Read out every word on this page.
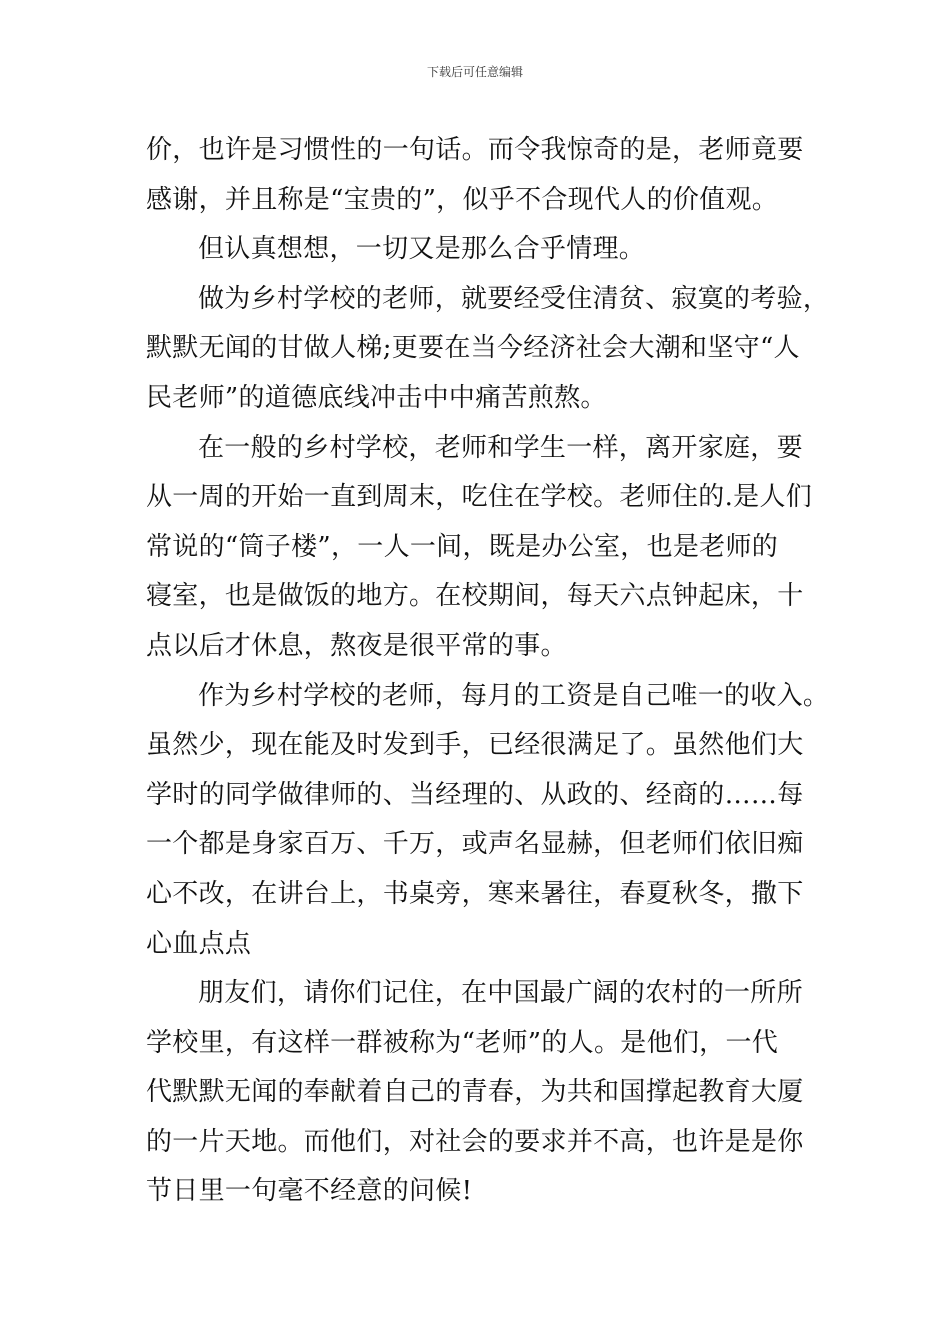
下载后可任意编辑
价，也许是习惯性的一句话。而令我惊奇的是，老师竟要
感谢，并且称是“宝贵的”，似乎不合现代人的价值观。
但认真想想，一切又是那么合乎情理。
做为乡村学校的老师，就要经受住清贫、寂寞的考验，
默默无闻的甘做人梯;更要在当今经济社会大潮和坚守“人
民老师”的道德底线冲击中中痛苦煎熬。
在一般的乡村学校，老师和学生一样，离开家庭，要
从一周的开始一直到周末，吃住在学校。老师住的.是人们
常说的“筒子楼”，一人一间，既是办公室，也是老师的
寝室，也是做饭的地方。在校期间，每天六点钟起床，十
点以后才休息，熬夜是很平常的事。
作为乡村学校的老师，每月的工资是自己唯一的收入。
虽然少，现在能及时发到手，已经很满足了。虽然他们大
学时的同学做律师的、当经理的、从政的、经商的……每
一个都是身家百万、千万，或声名显赫，但老师们依旧痴
心不改，在讲台上，书桌旁，寒来暑往，春夏秋冬，撒下
心血点点
朋友们，请你们记住，在中国最广阔的农村的一所所
学校里，有这样一群被称为“老师”的人。是他们，一代
代默默无闻的奉献着自己的青春，为共和国撑起教育大厦
的一片天地。而他们，对社会的要求并不高，也许是是你
节日里一句毫不经意的问候!
